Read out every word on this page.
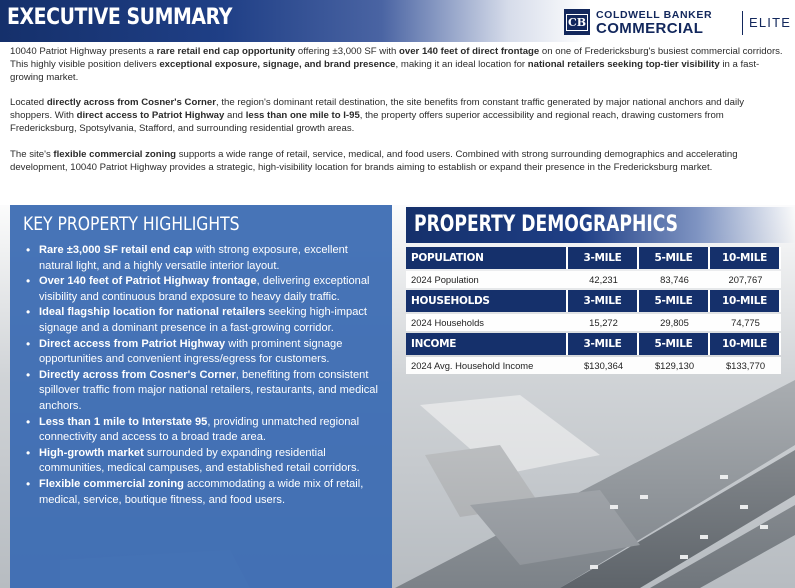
EXECUTIVE SUMMARY	CB
COLDWELL BANKER
COMMERCIAL	ELITE

10040 Patriot Highway presents a rare retail end cap opportunity offering ±3,000 SF with over 140 feet of direct frontage on one of Fredericksburg's busiest commercial corridors. This highly visible position delivers exceptional exposure, signage, and brand presence, making it an ideal location for national retailers seeking top-tier visibility in a fast-growing market.

Located directly across from Cosner's Corner, the region's dominant retail destination, the site benefits from constant traffic generated by major national anchors and daily shoppers. With direct access to Patriot Highway and less than one mile to I-95, the property offers superior accessibility and regional reach, drawing customers from Fredericksburg, Spotsylvania, Stafford, and surrounding residential growth areas.

The site's flexible commercial zoning supports a wide range of retail, service, medical, and food users. Combined with strong surrounding demographics and accelerating development, 10040 Patriot Highway provides a strategic, high-visibility location for brands aiming to establish or expand their presence in the Fredericksburg market.

KEY PROPERTY HIGHLIGHTS
• Rare ±3,000 SF retail end cap with strong exposure, excellent natural light, and a highly versatile interior layout.
• Over 140 feet of Patriot Highway frontage, delivering exceptional visibility and continuous brand exposure to heavy daily traffic.
• Ideal flagship location for national retailers seeking high-impact signage and a dominant presence in a fast-growing corridor.
• Direct access from Patriot Highway with prominent signage opportunities and convenient ingress/egress for customers.
• Directly across from Cosner's Corner, benefiting from consistent spillover traffic from major national retailers, restaurants, and medical anchors.
• Less than 1 mile to Interstate 95, providing unmatched regional connectivity and access to a broad trade area.
• High-growth market surrounded by expanding residential communities, medical campuses, and established retail corridors.
• Flexible commercial zoning accommodating a wide mix of retail, medical, service, boutique fitness, and food users.
PROPERTY DEMOGRAPHICS
POPULATION	3-MILE	5-MILE	10-MILE
2024 Population	42,231	83,746	207,767
HOUSEHOLDS	3-MILE	5-MILE	10-MILE
2024 Households	15,272	29,805	74,775
INCOME	3-MILE	5-MILE	10-MILE
2024 Avg. Household Income	$130,364	$129,130	$133,770
